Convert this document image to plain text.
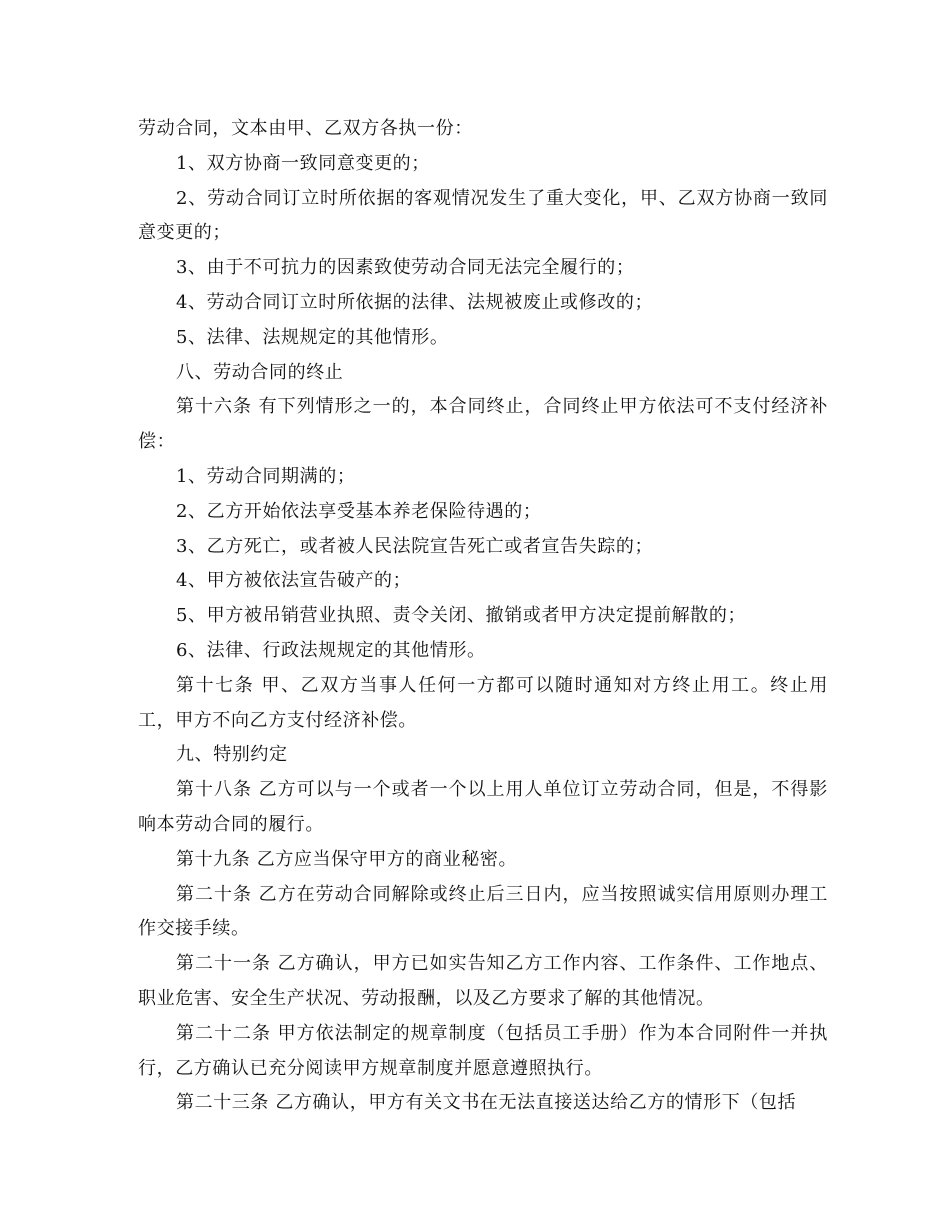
劳动合同，文本由甲、乙双方各执一份：

1、双方协商一致同意变更的；

2、劳动合同订立时所依据的客观情况发生了重大变化，甲、乙双方协商一致同意变更的；

3、由于不可抗力的因素致使劳动合同无法完全履行的；

4、劳动合同订立时所依据的法律、法规被废止或修改的；

5、法律、法规规定的其他情形。

八、劳动合同的终止

第十六条 有下列情形之一的，本合同终止，合同终止甲方依法可不支付经济补偿：

1、劳动合同期满的；

2、乙方开始依法享受基本养老保险待遇的；

3、乙方死亡，或者被人民法院宣告死亡或者宣告失踪的；

4、甲方被依法宣告破产的；

5、甲方被吊销营业执照、责令关闭、撤销或者甲方决定提前解散的；

6、法律、行政法规规定的其他情形。

第十七条 甲、乙双方当事人任何一方都可以随时通知对方终止用工。终止用工，甲方不向乙方支付经济补偿。

九、特别约定

第十八条 乙方可以与一个或者一个以上用人单位订立劳动合同，但是，不得影响本劳动合同的履行。

第十九条 乙方应当保守甲方的商业秘密。

第二十条 乙方在劳动合同解除或终止后三日内，应当按照诚实信用原则办理工作交接手续。

第二十一条 乙方确认，甲方已如实告知乙方工作内容、工作条件、工作地点、职业危害、安全生产状况、劳动报酬，以及乙方要求了解的其他情况。

第二十二条 甲方依法制定的规章制度（包括员工手册）作为本合同附件一并执行，乙方确认已充分阅读甲方规章制度并愿意遵照执行。

第二十三条 乙方确认，甲方有关文书在无法直接送达给乙方的情形下（包括
